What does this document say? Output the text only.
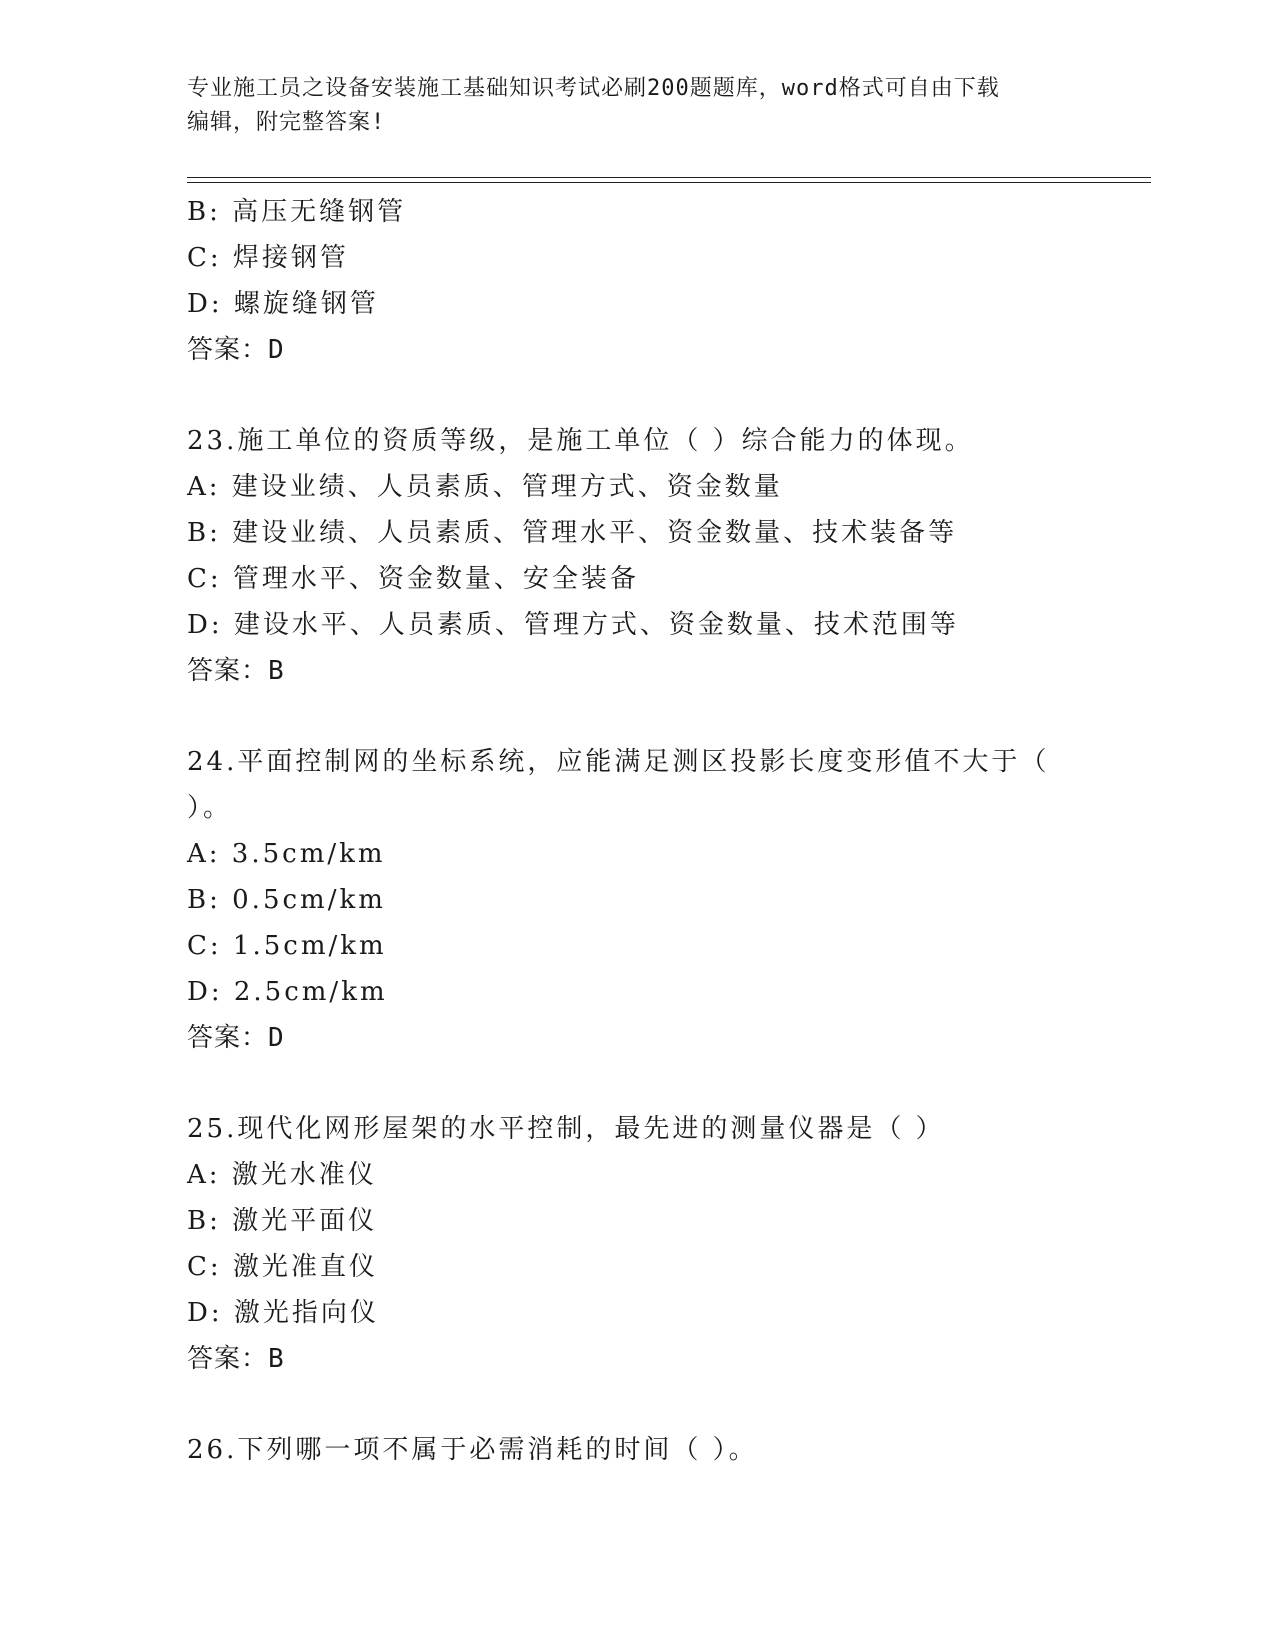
专业施工员之设备安装施工基础知识考试必刷200题题库，word格式可自由下载
编辑，附完整答案!
B: 高压无缝钢管
C: 焊接钢管
D: 螺旋缝钢管
答案：D
23.施工单位的资质等级，是施工单位（ ）综合能力的体现。
A: 建设业绩、人员素质、管理方式、资金数量
B: 建设业绩、人员素质、管理水平、资金数量、技术装备等
C: 管理水平、资金数量、安全装备
D: 建设水平、人员素质、管理方式、资金数量、技术范围等
答案：B
24.平面控制网的坐标系统，应能满足测区投影长度变形值不大于（
）。
A: 3.5cm/km
B: 0.5cm/km
C: 1.5cm/km
D: 2.5cm/km
答案：D
25.现代化网形屋架的水平控制，最先进的测量仪器是（ ）
A: 激光水准仪
B: 激光平面仪
C: 激光准直仪
D: 激光指向仪
答案：B
26.下列哪一项不属于必需消耗的时间（ ）。
